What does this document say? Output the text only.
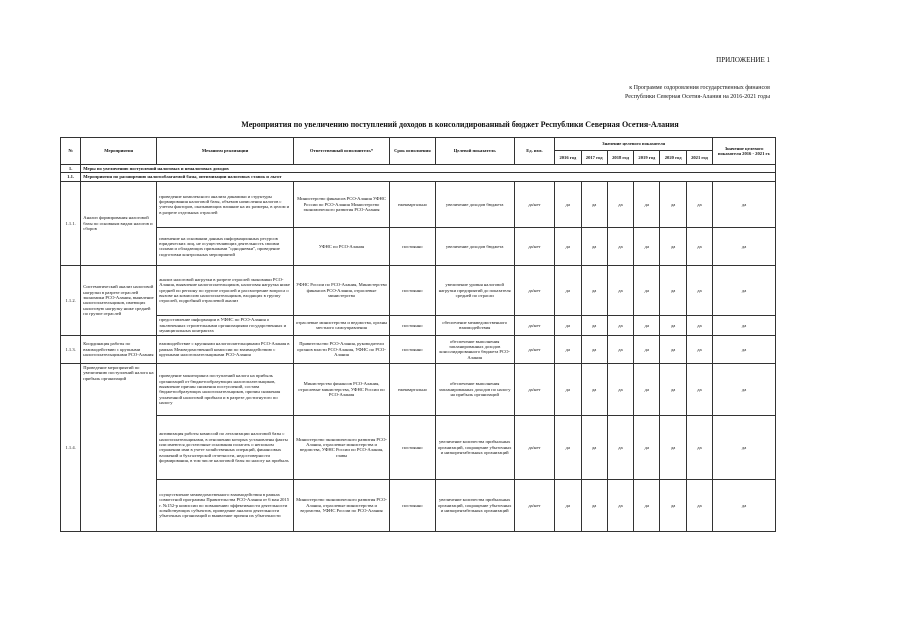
ПРИЛОЖЕНИЕ 1
к Программе оздоровления государственных финансов
Республики Северная Осетия-Алания на 2016-2021 годы
Мероприятия по увеличению поступлений доходов в консолидированный бюджет Республики Северная Осетия-Алания
№	Мероприятия	Механизм реализации	Ответственный исполнитель*	Срок исполнения	Целевой показатель	Ед. изм.	Значение целевого показателя						Значение целевого показателя 2016 - 2021 гг.
							2016 год	2017 год	2018 год	2019 год	2020 год	2021 год	
1.	Меры по увеличению поступлений налоговых и неналоговых доходов												
1.1.	Мероприятия по расширению налогооблагаемой базы, оптимизации налоговых ставок и льгот												
1.1.1.	Анализ формирования налоговой базы по основным видам налогов и сборов	проведение комплексного анализа динамики и структуры формирования налоговой базы, объемов начисления налогов с учетом факторов, оказывающих влияние на их размеры, в целом и в разрезе отдельных отраслей	Министерство финансов РСО-Алания УФНС России по РСО-Алания Министерство экономического развития РСО-Алания	ежеквартально	увеличение доходов бюджета	да/нет	да	да	да	да	да	да	да
		изменение на основании данных информационных ресурсов юридических лиц, не осуществляющих деятельность своими силами и обладающих признаками "однодневки", проведение подготовки контрольных мероприятий	УФНС по РСО-Алания	постоянно	увеличение доходов бюджета	да/нет	да	да	да	да	да	да	да
1.1.2.	Систематический анализ налоговой нагрузки в разрезе отраслей экономики РСО-Алания, выявление налогоплательщиков, имеющих налоговую нагрузку ниже средней по группе отраслей	анализ налоговой нагрузки в разрезе отраслей экономики РСО-Алания, выявление налогоплательщиков, налоговая нагрузка ниже средней по региону по группе отраслей и рассмотрение вопроса о вызове на комиссию налогоплательщиков, входящих в группу отраслей, подробный отраслевой анализ	УФНС России по РСО-Алания, Министерство финансов РСО-Алания, отраслевые министерства	постоянно	увеличение уровня налоговой нагрузки предприятий до показателя средней по отрасли	да/нет	да	да	да	да	да	да	да
		предоставление информации в УФНС по РСО-Алания о заключенных строительными организациями государственных и муниципальных контрактах	отраслевые министерства и ведомства, органы местного самоуправления	постоянно	обеспечение межведомственного взаимодействия	да/нет	да	да	да	да	да	да	да
1.1.3.	Координация работы по взаимодействию с крупными налогоплательщиками РСО-Алания	взаимодействие с крупными налогоплательщиками РСО-Алания в рамках Межведомственной комиссии по взаимодействию с крупными налогоплательщиками РСО-Алания	Правительство РСО-Алания, руководители органов власти РСО-Алания, УФНС по РСО-Алания	постоянно	обеспечение выполнения запланированных доходов консолидированного бюджета РСО-Алания	да/нет	да	да	да	да	да	да	да
1.1.4.	Проведение мероприятий по увеличению поступлений налога на прибыль организаций	проведение мониторинга поступлений налога на прибыль организаций от бюджетообразующих налогоплательщиков, выявление причин снижения поступлений, состава бюджетообразующих налогоплательщиков, причин снижения уплаченной налоговой прибыли и в разрезе достигнутого по налогу	Министерство финансов РСО-Алания, отраслевые министерства, УФНС России по РСО-Алания	ежеквартально	обеспечение выполнения запланированных доходов по налогу на прибыль организаций	да/нет	да	да	да	да	да	да	да
		активизация работы комиссий по легализации налоговой базы с налогоплательщиками, в отношении которых установлены факты или имеются достаточные основания полагать о неполном отражении ими в учете хозяйственных операций, финансовых вложений и бухгалтерской отчетности, недостоверности формирования, в том числе налоговой базы по налогу на прибыль	Министерство экономического развития РСО-Алания, отраслевые министерства и ведомства, УФНС России по РСО-Алания, главы	постоянно	увеличение количества прибыльных организаций, сокращение убыточных и низкорентабельных организаций	да/нет	да	да	да	да	да	да	да
		осуществление межведомственного взаимодействия в рамках совместной программы Правительства РСО-Алания от 6 мая 2015 г. №152-р комиссии по повышению эффективности деятельности хозяйствующих субъектов, проведение анализа деятельности убыточных организаций и выявление причин их убыточности	Министерство экономического развития РСО-Алания, отраслевые министерства и ведомства, УФНС России по РСО-Алания	постоянно	увеличение количества прибыльных организаций, сокращение убыточных и низкорентабельных организаций	да/нет	да	да	да	да	да	да	да
